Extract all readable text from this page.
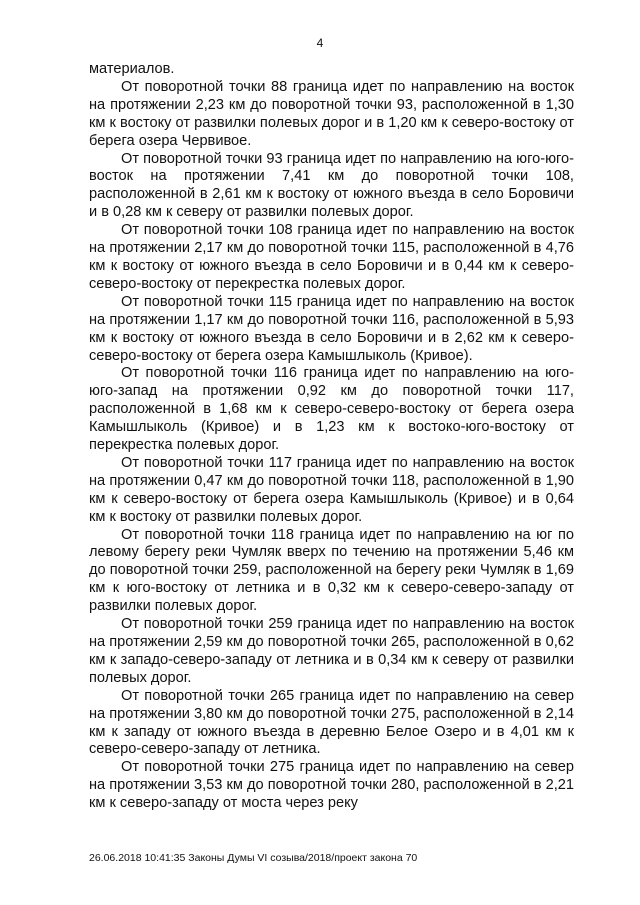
4

материалов.

От поворотной точки 88 граница идет по направлению на восток на протяжении 2,23 км до поворотной точки 93, расположенной в 1,30 км к востоку от развилки полевых дорог и в 1,20 км к северо-востоку от берега озера Червивое.

От поворотной точки 93 граница идет по направлению на юго-юго-восток на протяжении 7,41 км до поворотной точки 108, расположенной в 2,61 км к востоку от южного въезда в село Боровичи и в 0,28 км к северу от развилки полевых дорог.

От поворотной точки 108 граница идет по направлению на восток на протяжении 2,17 км до поворотной точки 115, расположенной в 4,76 км к востоку от южного въезда в село Боровичи и в 0,44 км к северо-северо-востоку от перекрестка полевых дорог.

От поворотной точки 115 граница идет по направлению на восток на протяжении 1,17 км до поворотной точки 116, расположенной в 5,93 км к востоку от южного въезда в село Боровичи и в 2,62 км к северо-северо-востоку от берега озера Камышлыколь (Кривое).

От поворотной точки 116 граница идет по направлению на юго-юго-запад на протяжении 0,92 км до поворотной точки 117, расположенной в 1,68 км к северо-северо-востоку от берега озера Камышлыколь (Кривое) и в 1,23 км к востоко-юго-востоку от перекрестка полевых дорог.

От поворотной точки 117 граница идет по направлению на восток на протяжении 0,47 км до поворотной точки 118, расположенной в 1,90 км к северо-востоку от берега озера Камышлыколь (Кривое) и в 0,64 км к востоку от развилки полевых дорог.

От поворотной точки 118 граница идет по направлению на юг по левому берегу реки Чумляк вверх по течению на протяжении 5,46 км до поворотной точки 259, расположенной на берегу реки Чумляк в 1,69 км к юго-востоку от летника и в 0,32 км к северо-северо-западу от развилки полевых дорог.

От поворотной точки 259 граница идет по направлению на восток на протяжении 2,59 км до поворотной точки 265, расположенной в 0,62 км к западо-северо-западу от летника и в 0,34 км к северу от развилки полевых дорог.

От поворотной точки 265 граница идет по направлению на север на протяжении 3,80 км до поворотной точки 275, расположенной в 2,14 км к западу от южного въезда в деревню Белое Озеро и в 4,01 км к северо-северо-западу от летника.

От поворотной точки 275 граница идет по направлению на север на протяжении 3,53 км до поворотной точки 280, расположенной в 2,21 км к северо-западу от моста через реку

26.06.2018 10:41:35 Законы Думы VI созыва/2018/проект закона 70
